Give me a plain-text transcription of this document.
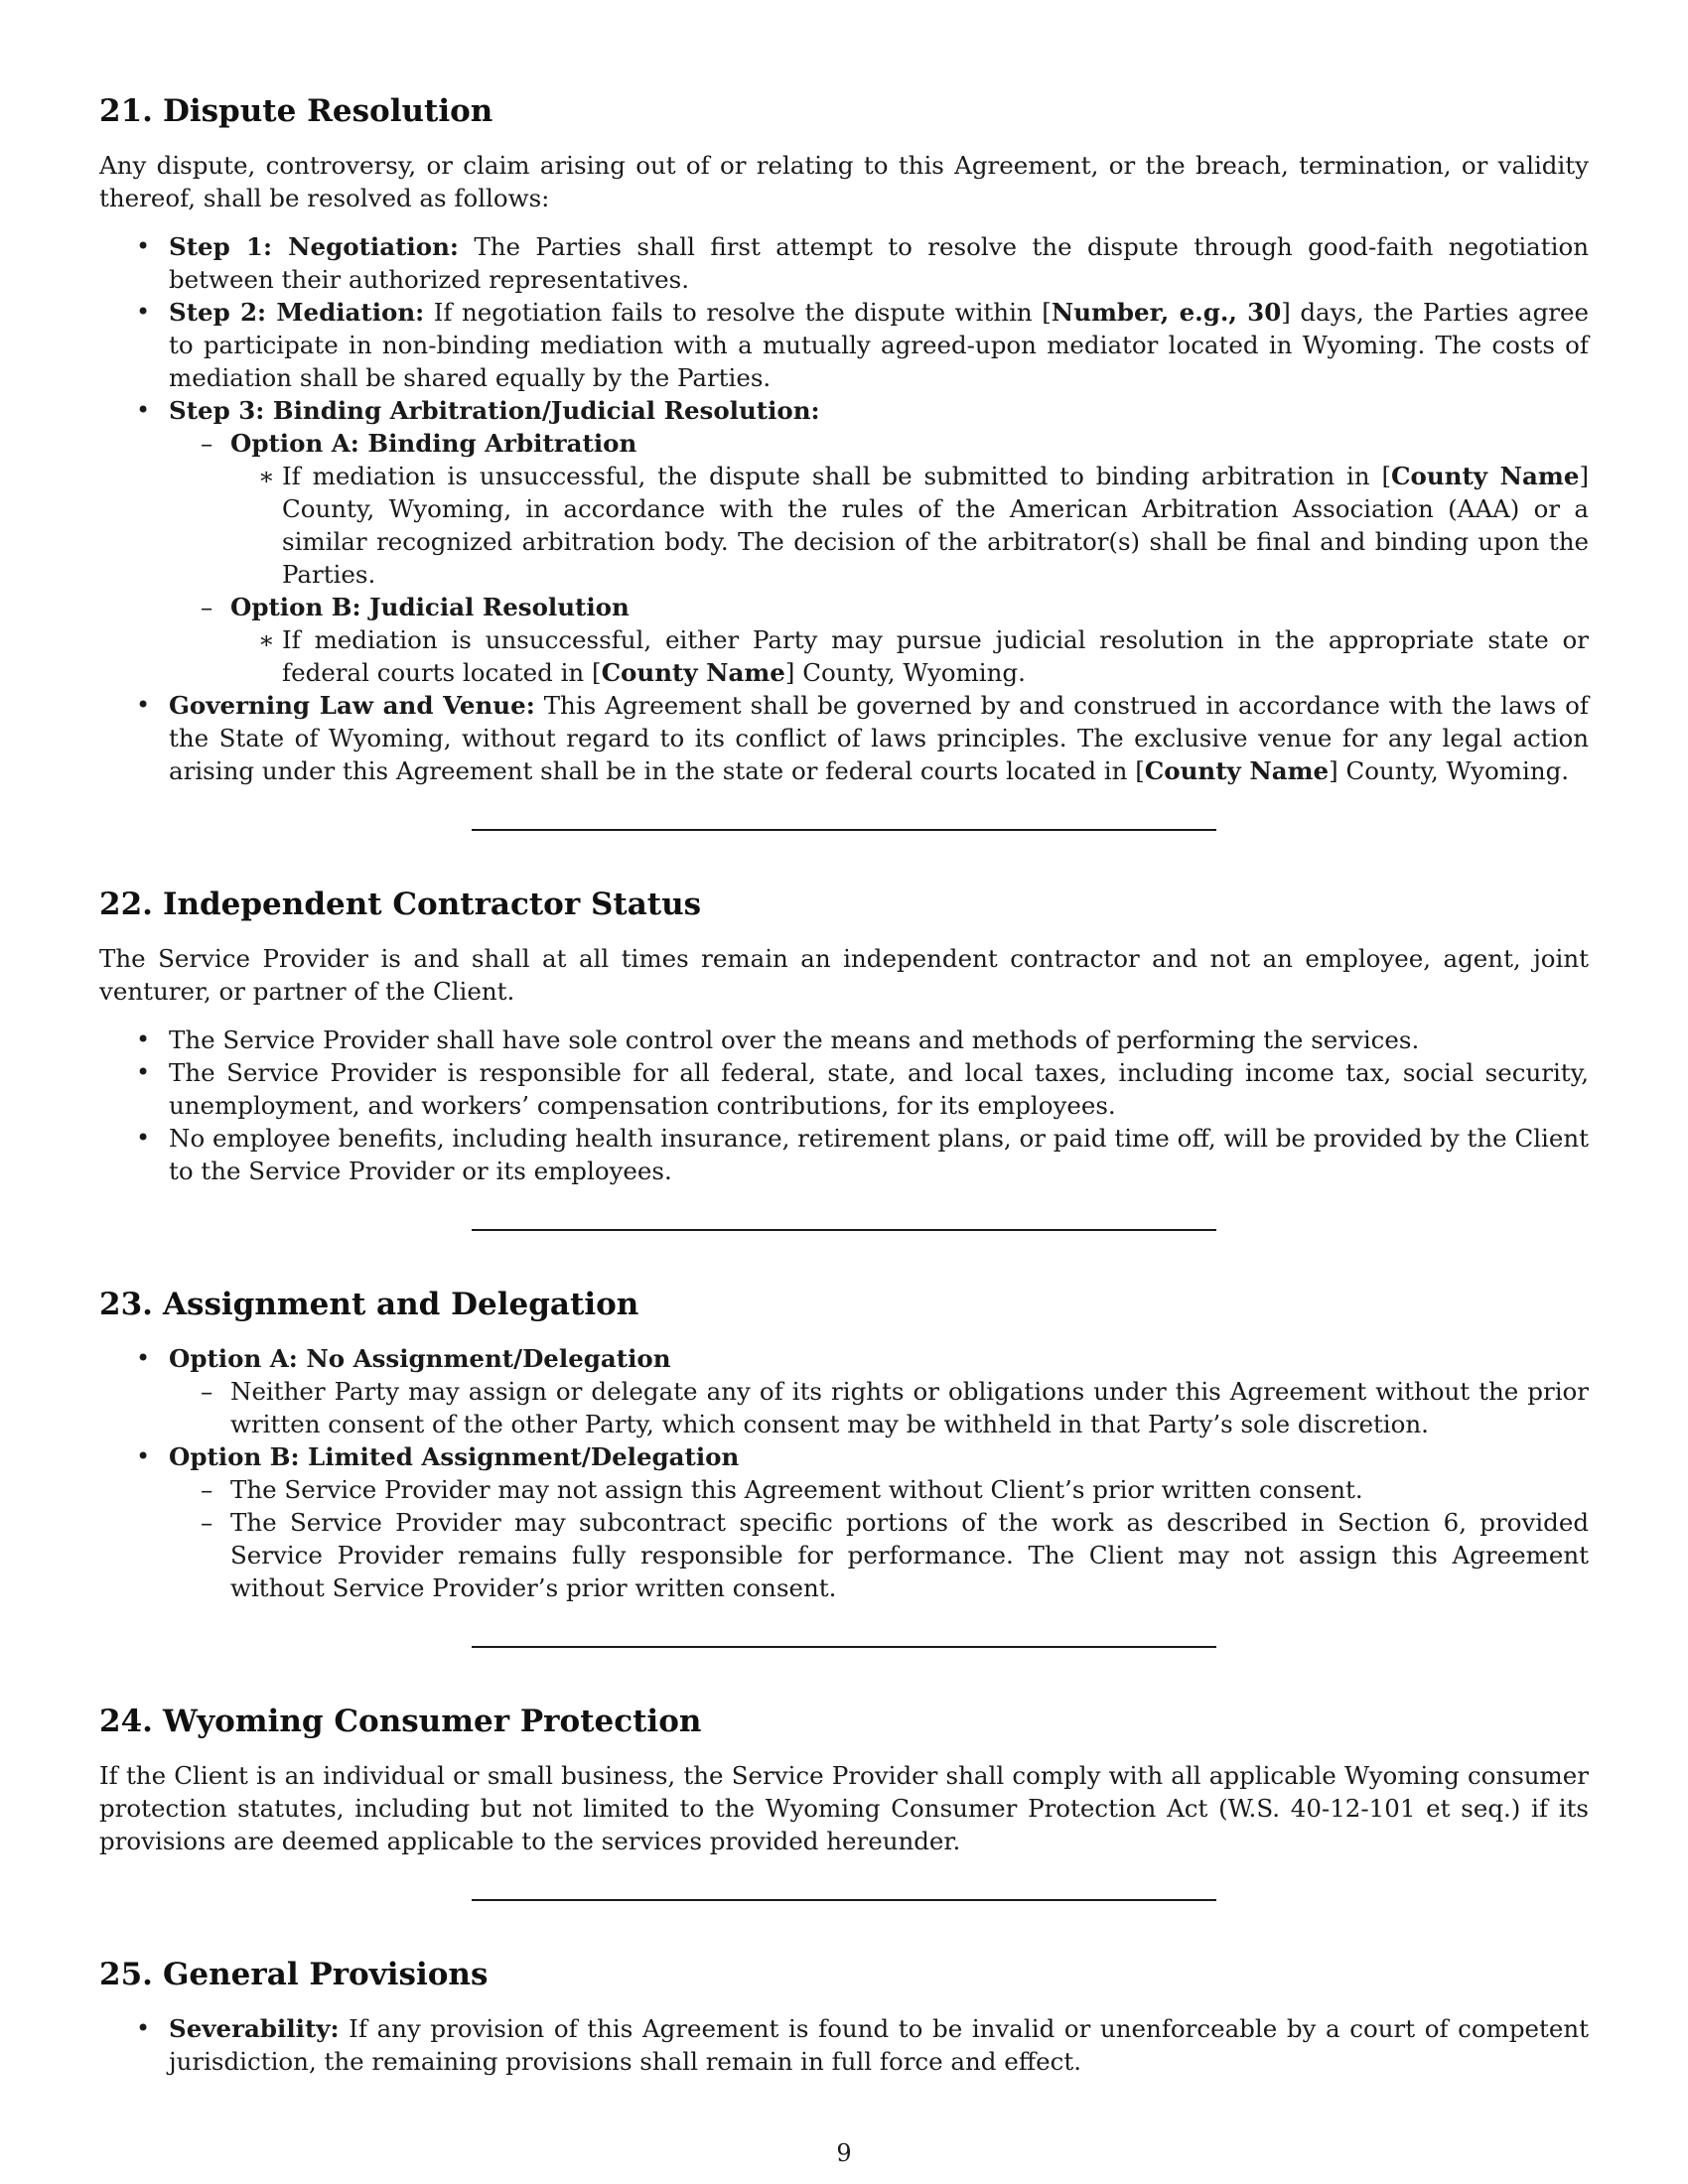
21. Dispute Resolution

Any dispute, controversy, or claim arising out of or relating to this Agreement, or the breach, termination, or validity thereof, shall be resolved as follows:

• Step 1: Negotiation: The Parties shall first attempt to resolve the dispute through good-faith negotiation between their authorized representatives.
• Step 2: Mediation: If negotiation fails to resolve the dispute within [Number, e.g., 30] days, the Parties agree to participate in non-binding mediation with a mutually agreed-upon mediator located in Wyoming. The costs of mediation shall be shared equally by the Parties.
• Step 3: Binding Arbitration/Judicial Resolution:
– Option A: Binding Arbitration
∗ If mediation is unsuccessful, the dispute shall be submitted to binding arbitration in [County Name] County, Wyoming, in accordance with the rules of the American Arbitration Association (AAA) or a similar recognized arbitration body. The decision of the arbitrator(s) shall be final and binding upon the Parties.
– Option B: Judicial Resolution
∗ If mediation is unsuccessful, either Party may pursue judicial resolution in the appropriate state or federal courts located in [County Name] County, Wyoming.
• Governing Law and Venue: This Agreement shall be governed by and construed in accordance with the laws of the State of Wyoming, without regard to its conflict of laws principles. The exclusive venue for any legal action arising under this Agreement shall be in the state or federal courts located in [County Name] County, Wyoming.
22. Independent Contractor Status

The Service Provider is and shall at all times remain an independent contractor and not an employee, agent, joint venturer, or partner of the Client.

• The Service Provider shall have sole control over the means and methods of performing the services.
• The Service Provider is responsible for all federal, state, and local taxes, including income tax, social security, unemployment, and workers’ compensation contributions, for its employees.
• No employee benefits, including health insurance, retirement plans, or paid time off, will be provided by the Client to the Service Provider or its employees.
23. Assignment and Delegation
• Option A: No Assignment/Delegation
– Neither Party may assign or delegate any of its rights or obligations under this Agreement without the prior written consent of the other Party, which consent may be withheld in that Party’s sole discretion.
• Option B: Limited Assignment/Delegation
– The Service Provider may not assign this Agreement without Client’s prior written consent.
– The Service Provider may subcontract specific portions of the work as described in Section 6, provided Service Provider remains fully responsible for performance. The Client may not assign this Agreement without Service Provider’s prior written consent.
24. Wyoming Consumer Protection

If the Client is an individual or small business, the Service Provider shall comply with all applicable Wyoming consumer protection statutes, including but not limited to the Wyoming Consumer Protection Act (W.S. 40-12-101 et seq.) if its provisions are deemed applicable to the services provided hereunder.

25. General Provisions
• Severability: If any provision of this Agreement is found to be invalid or unenforceable by a court of competent jurisdiction, the remaining provisions shall remain in full force and effect.
9
